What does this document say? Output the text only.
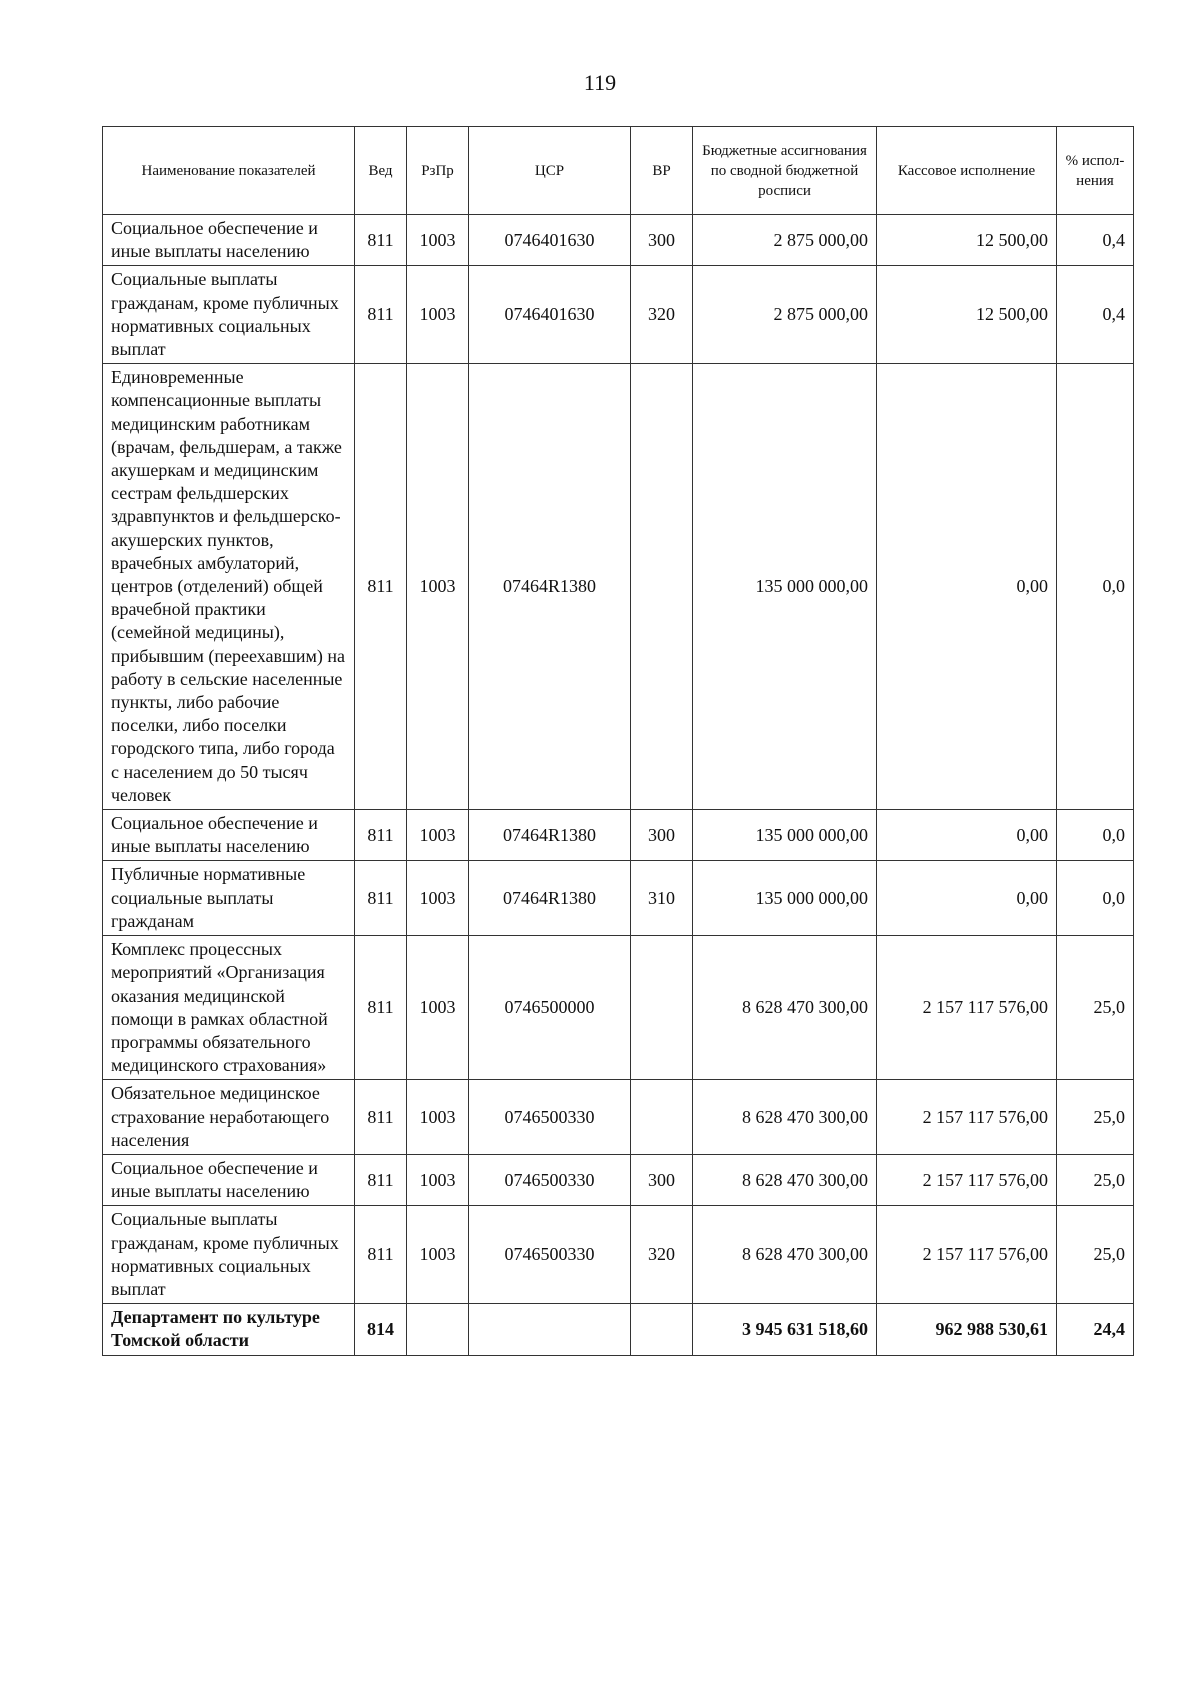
119
Наименование показателей	Вед	РзПр	ЦСР	ВР	Бюджетные ассигнования по сводной бюджетной росписи	Кассовое исполнение	% испол-нения
Социальное обеспечение и иные выплаты населению	811	1003	0746401630	300	2 875 000,00	12 500,00	0,4
Социальные выплаты гражданам, кроме публичных нормативных социальных выплат	811	1003	0746401630	320	2 875 000,00	12 500,00	0,4
Единовременные компенсационные выплаты медицинским работникам (врачам, фельдшерам, а также акушеркам и медицинским сестрам фельдшерских здравпунктов и фельдшерско-акушерских пунктов, врачебных амбулаторий, центров (отделений) общей врачебной практики (семейной медицины), прибывшим (переехавшим) на работу в сельские населенные пункты, либо рабочие поселки, либо поселки городского типа, либо города с населением до 50 тысяч человек	811	1003	07464R1380		135 000 000,00	0,00	0,0
Социальное обеспечение и иные выплаты населению	811	1003	07464R1380	300	135 000 000,00	0,00	0,0
Публичные нормативные социальные выплаты гражданам	811	1003	07464R1380	310	135 000 000,00	0,00	0,0
Комплекс процессных мероприятий «Организация оказания медицинской помощи в рамках областной программы обязательного медицинского страхования»	811	1003	0746500000		8 628 470 300,00	2 157 117 576,00	25,0
Обязательное медицинское страхование неработающего населения	811	1003	0746500330		8 628 470 300,00	2 157 117 576,00	25,0
Социальное обеспечение и иные выплаты населению	811	1003	0746500330	300	8 628 470 300,00	2 157 117 576,00	25,0
Социальные выплаты гражданам, кроме публичных нормативных социальных выплат	811	1003	0746500330	320	8 628 470 300,00	2 157 117 576,00	25,0
Департамент по культуре Томской области	814				3 945 631 518,60	962 988 530,61	24,4
